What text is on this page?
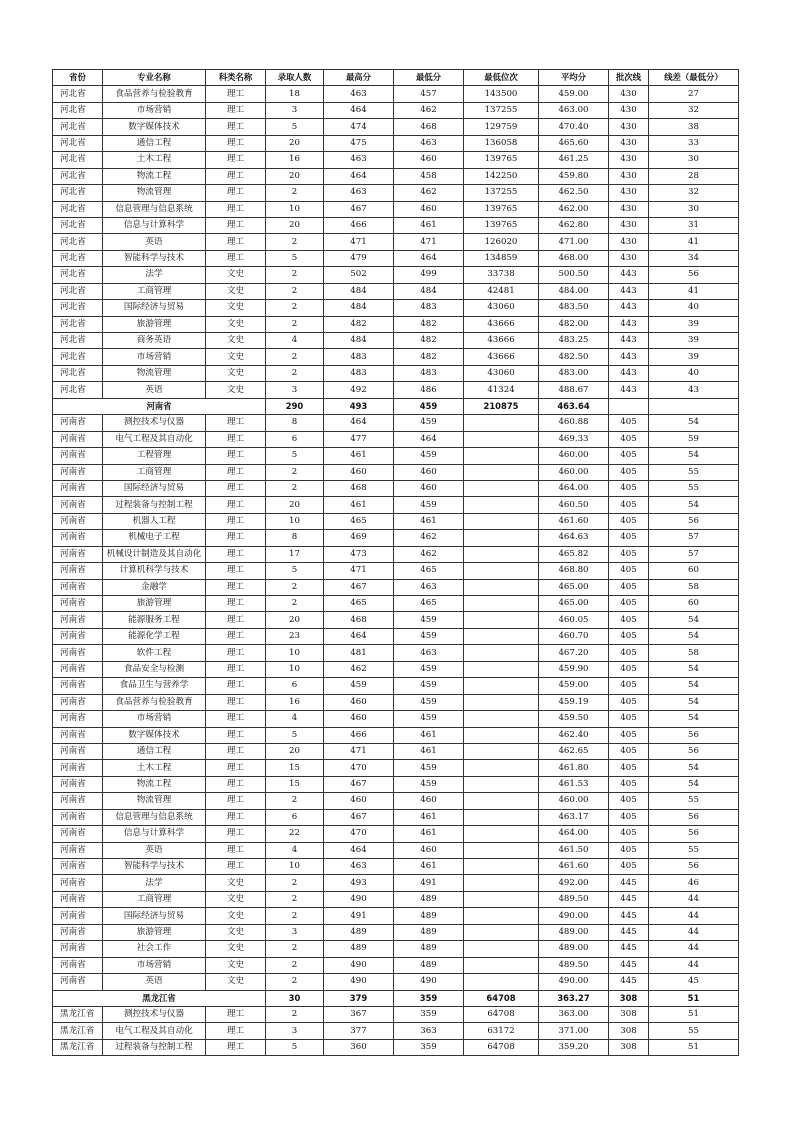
省份	专业名称	科类名称	录取人数	最高分	最低分	最低位次	平均分	批次线	线差（最低分）
河北省	食品营养与检验教育	理工	18	463	457	143500	459.00	430	27
河北省	市场营销	理工	3	464	462	137255	463.00	430	32
河北省	数字媒体技术	理工	5	474	468	129759	470.40	430	38
河北省	通信工程	理工	20	475	463	136058	465.60	430	33
河北省	土木工程	理工	16	463	460	139765	461.25	430	30
河北省	物流工程	理工	20	464	458	142250	459.80	430	28
河北省	物流管理	理工	2	463	462	137255	462.50	430	32
河北省	信息管理与信息系统	理工	10	467	460	139765	462.00	430	30
河北省	信息与计算科学	理工	20	466	461	139765	462.80	430	31
河北省	英语	理工	2	471	471	126020	471.00	430	41
河北省	智能科学与技术	理工	5	479	464	134859	468.00	430	34
河北省	法学	文史	2	502	499	33738	500.50	443	56
河北省	工商管理	文史	2	484	484	42481	484.00	443	41
河北省	国际经济与贸易	文史	2	484	483	43060	483.50	443	40
河北省	旅游管理	文史	2	482	482	43666	482.00	443	39
河北省	商务英语	文史	4	484	482	43666	483.25	443	39
河北省	市场营销	文史	2	483	482	43666	482.50	443	39
河北省	物流管理	文史	2	483	483	43060	483.00	443	40
河北省	英语	文史	3	492	486	41324	488.67	443	43
河南省			290	493	459	210875	463.64		
河南省	测控技术与仪器	理工	8	464	459		460.88	405	54
河南省	电气工程及其自动化	理工	6	477	464		469.33	405	59
河南省	工程管理	理工	5	461	459		460.00	405	54
河南省	工商管理	理工	2	460	460		460.00	405	55
河南省	国际经济与贸易	理工	2	468	460		464.00	405	55
河南省	过程装备与控制工程	理工	20	461	459		460.50	405	54
河南省	机器人工程	理工	10	465	461		461.60	405	56
河南省	机械电子工程	理工	8	469	462		464.63	405	57
河南省	机械设计制造及其自动化	理工	17	473	462		465.82	405	57
河南省	计算机科学与技术	理工	5	471	465		468.80	405	60
河南省	金融学	理工	2	467	463		465.00	405	58
河南省	旅游管理	理工	2	465	465		465.00	405	60
河南省	能源服务工程	理工	20	468	459		460.05	405	54
河南省	能源化学工程	理工	23	464	459		460.70	405	54
河南省	软件工程	理工	10	481	463		467.20	405	58
河南省	食品安全与检测	理工	10	462	459		459.90	405	54
河南省	食品卫生与营养学	理工	6	459	459		459.00	405	54
河南省	食品营养与检验教育	理工	16	460	459		459.19	405	54
河南省	市场营销	理工	4	460	459		459.50	405	54
河南省	数字媒体技术	理工	5	466	461		462.40	405	56
河南省	通信工程	理工	20	471	461		462.65	405	56
河南省	土木工程	理工	15	470	459		461.80	405	54
河南省	物流工程	理工	15	467	459		461.53	405	54
河南省	物流管理	理工	2	460	460		460.00	405	55
河南省	信息管理与信息系统	理工	6	467	461		463.17	405	56
河南省	信息与计算科学	理工	22	470	461		464.00	405	56
河南省	英语	理工	4	464	460		461.50	405	55
河南省	智能科学与技术	理工	10	463	461		461.60	405	56
河南省	法学	文史	2	493	491		492.00	445	46
河南省	工商管理	文史	2	490	489		489.50	445	44
河南省	国际经济与贸易	文史	2	491	489		490.00	445	44
河南省	旅游管理	文史	3	489	489		489.00	445	44
河南省	社会工作	文史	2	489	489		489.00	445	44
河南省	市场营销	文史	2	490	489		489.50	445	44
河南省	英语	文史	2	490	490		490.00	445	45
黑龙江省			30	379	359	64708	363.27	308	51
黑龙江省	测控技术与仪器	理工	2	367	359	64708	363.00	308	51
黑龙江省	电气工程及其自动化	理工	3	377	363	63172	371.00	308	55
黑龙江省	过程装备与控制工程	理工	5	360	359	64708	359.20	308	51
